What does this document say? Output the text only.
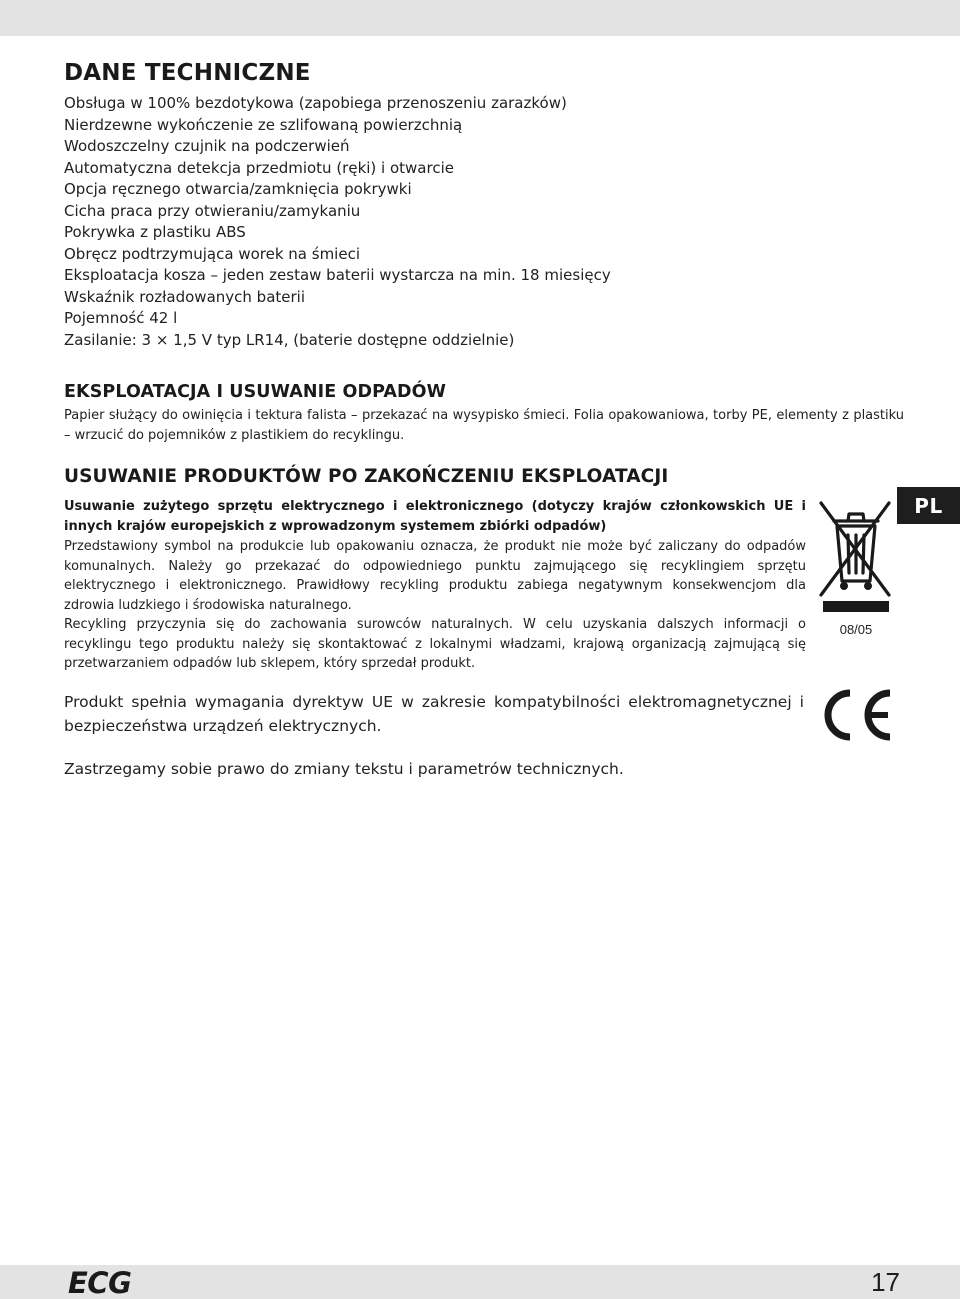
DANE TECHNICZNE
Obsługa w 100% bezdotykowa (zapobiega przenoszeniu zarazków)
Nierdzewne wykończenie ze szlifowaną powierzchnią
Wodoszczelny czujnik na podczerwień
Automatyczna detekcja przedmiotu (ręki) i otwarcie
Opcja ręcznego otwarcia/zamknięcia pokrywki
Cicha praca przy otwieraniu/zamykaniu
Pokrywka z plastiku ABS
Obręcz podtrzymująca worek na śmieci
Eksploatacja kosza – jeden zestaw baterii wystarcza na min. 18 miesięcy
Wskaźnik rozładowanych baterii
Pojemność 42 l
Zasilanie: 3 × 1,5 V typ LR14, (baterie dostępne oddzielnie)
EKSPLOATACJA I USUWANIE ODPADÓW

Papier służący do owinięcia i tektura falista – przekazać na wysypisko śmieci. Folia opakowaniowa, torby PE, elementy z plastiku – wrzucić do pojemników z plastikiem do recyklingu.

USUWANIE PRODUKTÓW PO ZAKOŃCZENIU EKSPLOATACJI

Usuwanie zużytego sprzętu elektrycznego i elektronicznego (dotyczy krajów członkowskich UE i innych krajów europejskich z wprowadzonym systemem zbiórki odpadów)

Przedstawiony symbol na produkcie lub opakowaniu oznacza, że produkt nie może być zaliczany do odpadów komunalnych. Należy go przekazać do odpowiedniego punktu zajmującego się recyklingiem sprzętu elektrycznego i elektronicznego. Prawidłowy recykling produktu zabiega negatywnym konsekwencjom dla zdrowia ludzkiego i środowiska naturalnego.

Recykling przyczynia się do zachowania surowców naturalnych. W celu uzyskania dalszych informacji o recyklingu tego produktu należy się skontaktować z lokalnymi władzami, krajową organizacją zajmującą się przetwarzaniem odpadów lub sklepem, który sprzedał produkt.

Produkt spełnia wymagania dyrektyw UE w zakresie kompatybilności elektromagnetycznej i bezpieczeństwa urządzeń elektrycznych.

Zastrzegamy sobie prawo do zmiany tekstu i parametrów technicznych.

PL
08/05
ECG	17
